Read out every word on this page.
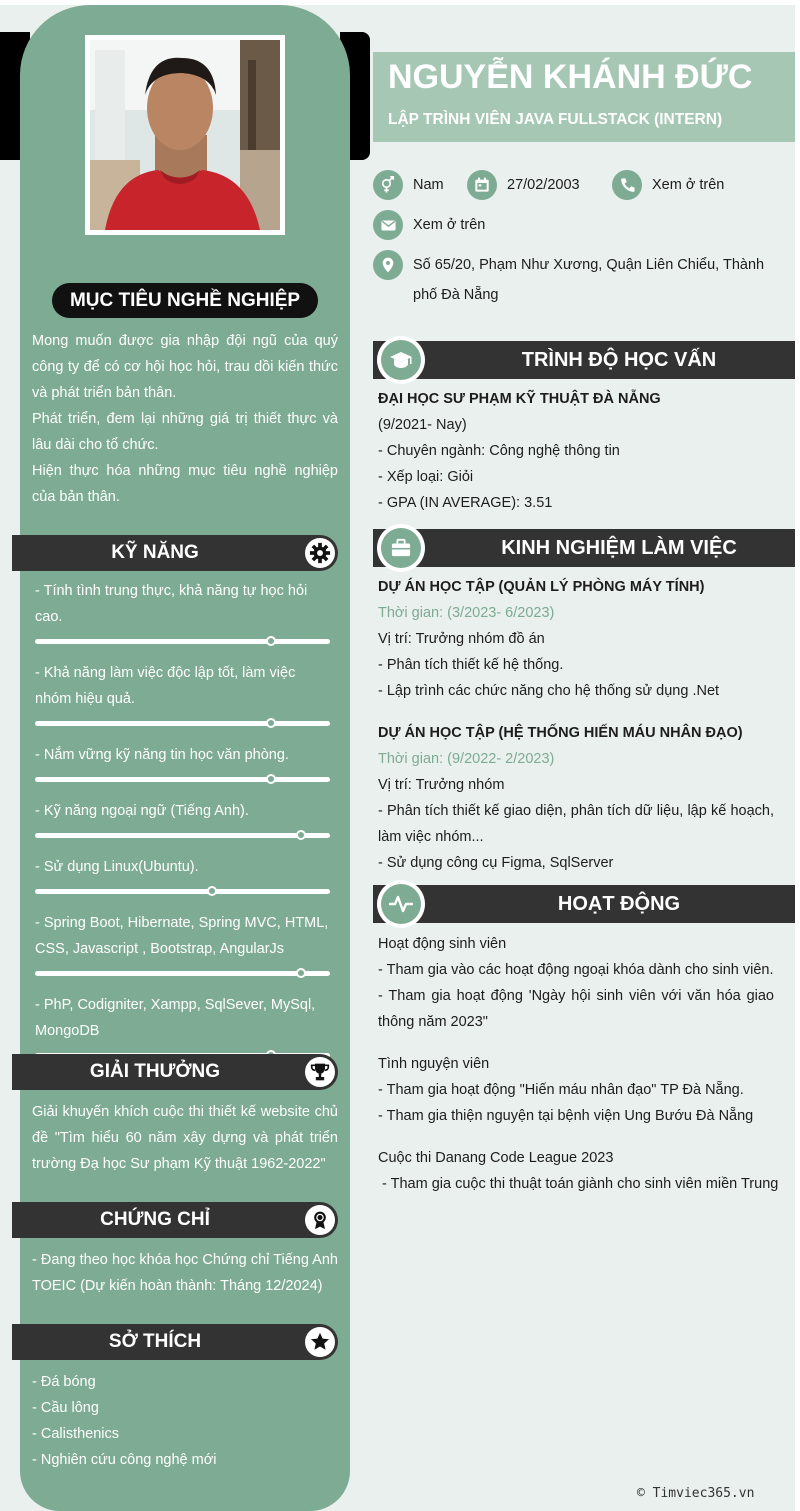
MỤC TIÊU NGHỀ NGHIỆP
Mong muốn được gia nhập đội ngũ của quý công ty để có cơ hội học hỏi, trau dồi kiến thức và phát triển bản thân.
Phát triển, đem lại những giá trị thiết thực và lâu dài cho tổ chức.
Hiện thực hóa những mục tiêu nghề nghiệp của bản thân.
KỸ NĂNG
- Tính tình trung thực, khả năng tự học hỏi cao.
- Khả năng làm việc độc lập tốt, làm việc nhóm hiệu quả.
- Nắm vững kỹ năng tin học văn phòng.
- Kỹ năng ngoại ngữ (Tiếng Anh).
- Sử dụng Linux(Ubuntu).
- Spring Boot, Hibernate, Spring MVC, HTML, CSS, Javascript , Bootstrap, AngularJs
- PhP, Codigniter, Xampp, SqlSever, MySql, MongoDB
GIẢI THƯỞNG
Giải khuyến khích cuộc thi thiết kế website chủ đề "Tìm hiểu 60 năm xây dựng và phát triển trường Đạ học Sư phạm Kỹ thuật 1962-2022"
CHỨNG CHỈ
- Đang theo học khóa học Chứng chỉ Tiếng Anh TOEIC (Dự kiến hoàn thành: Tháng 12/2024)
SỞ THÍCH
- Đá bóng
- Cầu lông
- Calisthenics
- Nghiên cứu công nghệ mới
NGUYỄN KHÁNH ĐỨC
LẬP TRÌNH VIÊN JAVA FULLSTACK (INTERN)
Nam	27/02/2003	Xem ở trên
Xem ở trên
Số 65/20, Phạm Như Xương, Quận Liên Chiểu, Thành phố Đà Nẵng
TRÌNH ĐỘ HỌC VẤN
ĐẠI HỌC SƯ PHẠM KỸ THUẬT ĐÀ NẴNG
(9/2021- Nay)
- Chuyên ngành: Công nghệ thông tin
- Xếp loại: Giỏi
- GPA (IN AVERAGE): 3.51
KINH NGHIỆM LÀM VIỆC
DỰ ÁN HỌC TẬP (QUẢN LÝ PHÒNG MÁY TÍNH)
Thời gian: (3/2023- 6/2023)
Vị trí: Trưởng nhóm đồ án
- Phân tích thiết kế hệ thống.
- Lập trình các chức năng cho hệ thống sử dụng .Net
DỰ ÁN HỌC TẬP (HỆ THỐNG HIẾN MÁU NHÂN ĐẠO)
Thời gian: (9/2022- 2/2023)
Vị trí: Trưởng nhóm
- Phân tích thiết kế giao diện, phân tích dữ liệu, lập kế hoạch, làm việc nhóm...
- Sử dụng công cụ Figma, SqlServer
HOẠT ĐỘNG
Hoạt động sinh viên
- Tham gia vào các hoạt động ngoại khóa dành cho sinh viên.
- Tham gia hoạt động 'Ngày hội sinh viên với văn hóa giao thông năm 2023"
Tình nguyện viên
- Tham gia hoạt động "Hiến máu nhân đạo" TP Đà Nẵng.
- Tham gia thiện nguyện tại bệnh viện Ung Bướu Đà Nẵng
Cuộc thi Danang Code League 2023
- Tham gia cuộc thi thuật toán giành cho sinh viên miền Trung
© Timviec365.vn
